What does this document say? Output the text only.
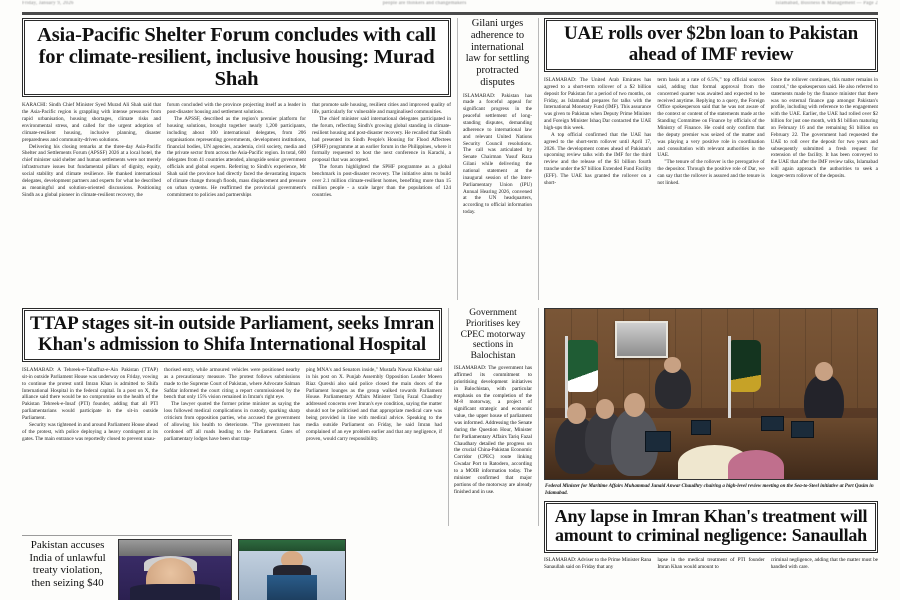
Friday, January 9, 2026	people are thinkers and changemakers	Islamabad, Business & Management — Page 2
Asia-Pacific Shelter Forum concludes with call for climate-resilient, inclusive housing: Murad Shah

KARACHI: Sindh Chief Minister Syed Murad Ali Shah said that the Asia-Pacific region is grappling with intense pressures from rapid urbanisation, housing shortages, climate risks and environmental stress, and called for the urgent adoption of climate-resilient housing, inclusive planning, disaster preparedness and community-driven solutions.

Delivering his closing remarks at the three-day Asia-Pacific Shelter and Settlements Forum (APSSF) 2026 at a local hotel, the chief minister said shelter and human settlements were not merely infrastructure issues but fundamental pillars of dignity, equity, social stability and climate resilience. He thanked international delegates, development partners and experts for what he described as meaningful and solution-oriented discussions. Positioning Sindh as a global pioneer in climate-resilient recovery, the

forum concluded with the province projecting itself as a leader in post-disaster housing and settlement solutions.

The APSSF, described as the region's premier platform for housing solutions, brought together nearly 1,200 participants, including about 100 international delegates, from 206 organisations representing governments, development institutions, financial bodies, UN agencies, academia, civil society, media and the private sector from across the Asia-Pacific region. In total, 600 delegates from 41 countries attended, alongside senior government officials and global experts. Referring to Sindh's experience, Mr Shah said the province had directly faced the devastating impacts of climate change through floods, mass displacement and pressure on urban systems. He reaffirmed the provincial government's commitment to policies and partnerships

that promote safe housing, resilient cities and improved quality of life, particularly for vulnerable and marginalised communities.

The chief minister said international delegates participated in the forum, reflecting Sindh's growing global standing in climate-resilient housing and post-disaster recovery. He recalled that Sindh had presented its Sindh People's Housing for Flood Affectees (SPHF) programme at an earlier forum in the Philippines, where it formally requested to host the next conference in Karachi, a proposal that was accepted.

The forum highlighted the SPHF programme as a global benchmark in post-disaster recovery. The initiative aims to build over 2.1 million climate-resilient homes, benefiting more than 15 million people - a scale larger than the populations of 124 countries.

Gilani urges adherence to international law for settling protracted disputes

ISLAMABAD: Pakistan has made a forceful appeal for significant progress in the peaceful settlement of long-standing disputes, demanding adherence to international law and relevant United Nations Security Council resolutions. The call was articulated by Senate Chairman Yusuf Raza Gilani while delivering the national statement at the inaugural session of the Inter-Parliamentary Union (IPU) Annual Hearing 2026, convened at the UN headquarters, according to official information today.

UAE rolls over $2bn loan to Pakistan ahead of IMF review

ISLAMABAD: The United Arab Emirates has agreed to a short-term rollover of a $2 billion deposit for Pakistan for a period of two months, on Friday, as Islamabad prepares for talks with the International Monetary Fund (IMF). This assurance was given to Pakistan when Deputy Prime Minister and Foreign Minister Ishaq Dar contacted the UAE high-ups this week.

A top official confirmed that the UAE has agreed to the short-term rollover until April 17, 2026. The development comes ahead of Pakistan's upcoming review talks with the IMF for the third review and the release of the $1 billion fourth tranche under the $7 billion Extended Fund Facility (EFF). The UAE has granted the rollover on a short-

term basis at a rate of 6.5%," top official sources said, adding that formal approval from the concerned quarter was awaited and expected to be received anytime. Replying to a query, the Foreign Office spokesperson said that he was not aware of the context or content of the statements made at the Standing Committee on Finance by officials of the Ministry of Finance. He could only confirm that the deputy premier was seized of the matter and was playing a very positive role in coordination and consultation with relevant authorities in the UAE.

"The tenure of the rollover is the prerogative of the depositor. Through the positive role of Dar, we can say that the rollover is assured and the tenure is not linked.

Since the rollover continues, this matter remains in control," the spokesperson said. He also referred to statements made by the finance minister that there was no external finance gap amongst Pakistan's profile, including with reference to the engagement with the UAE. Earlier, the UAE had rolled over $2 billion for just one month, with $1 billion maturing on February 16 and the remaining $1 billion on February 22. The government had requested the UAE to roll over the deposit for two years and subsequently submitted a fresh request for extension of the facility. It has been conveyed to the UAE that after the IMF review talks, Islamabad will again approach the authorities to seek a longer-term rollover of the deposits.

TTAP stages sit-in outside Parliament, seeks Imran Khan's admission to Shifa International Hospital

ISLAMABAD: A Tehreek-e-Tahaffuz-e-Ain Pakistan (TTAP) sit-in outside Parliament House was underway on Friday, vowing to continue the protest until Imran Khan is admitted to Shifa International Hospital in the federal capital. In a post on X, the alliance said there would be no compromise on the health of the Pakistan Tehreek-e-Insaf (PTI) founder, adding that all PTI parliamentarians would participate in the sit-in outside Parliament.

Security was tightened in and around Parliament House ahead of the protest, with police deploying a heavy contingent at its gates. The main entrance was reportedly closed to prevent unau-

thorised entry, while armoured vehicles were positioned nearby as a precautionary measure. The protest follows submissions made to the Supreme Court of Pakistan, where Advocate Salman Safdar informed the court citing a report commissioned by the bench that only 15% vision remained in Imran's right eye.

The lawyer quoted the former prime minister as saying the loss followed medical complications in custody, sparking sharp criticism from opposition parties, who accused the government of allowing his health to deteriorate. "The government has cordoned off all roads leading to the Parliament. Gates of parliamentary lodges have been shut trap-

ping MNA's and Senators inside," Mustafa Nawaz Khokhar said in his post on X. Punjab Assembly Opposition Leader Moeen Riaz Qureshi also said police closed the main doors of the Parliament lounges as the group walked towards Parliament House. Parliamentary Affairs Minister Tariq Fazal Chaudhry addressed concerns over Imran's eye condition, saying the matter should not be politicised and that appropriate medical care was being provided in line with medical advice. Speaking to the media outside Parliament on Friday, he said Imran had complained of an eye problem earlier and that any negligence, if proven, would carry responsibility.

Government Prioritises key CPEC motorway sections in Balochistan
ISLAMABAD: The government has affirmed its commitment to prioritising development initiatives in Balochistan, with particular emphasis on the completion of the M-8 motorway, a project of significant strategic and economic value, the upper house of parliament was informed. Addressing the Senate during the Question Hour, Minister for Parliamentary Affairs Tariq Fazal Chaudhary detailed the progress on the crucial China-Pakistan Economic Corridor (CPEC) route linking Gwadar Port to Ratodero, according to a MOIB information today. The minister confirmed that major portions of the motorway are already finished and in use.
Federal Minister for Maritime Affairs Muhammad Junaid Anwar Chaudhry chairing a high-level review meeting on the Sea-to-Steel initiative at Port Qasim in Islamabad.
Any lapse in Imran Khan's treatment will amount to criminal negligence: Sanaullah
ISLAMABAD: Adviser to the Prime Minister Rana Sanaullah said on Friday that any
lapse in the medical treatment of PTI founder Imran Khan would amount to
criminal negligence, adding that the matter must be handled with care.
Pakistan accuses India of unlawful treaty violation, then seizing $40
